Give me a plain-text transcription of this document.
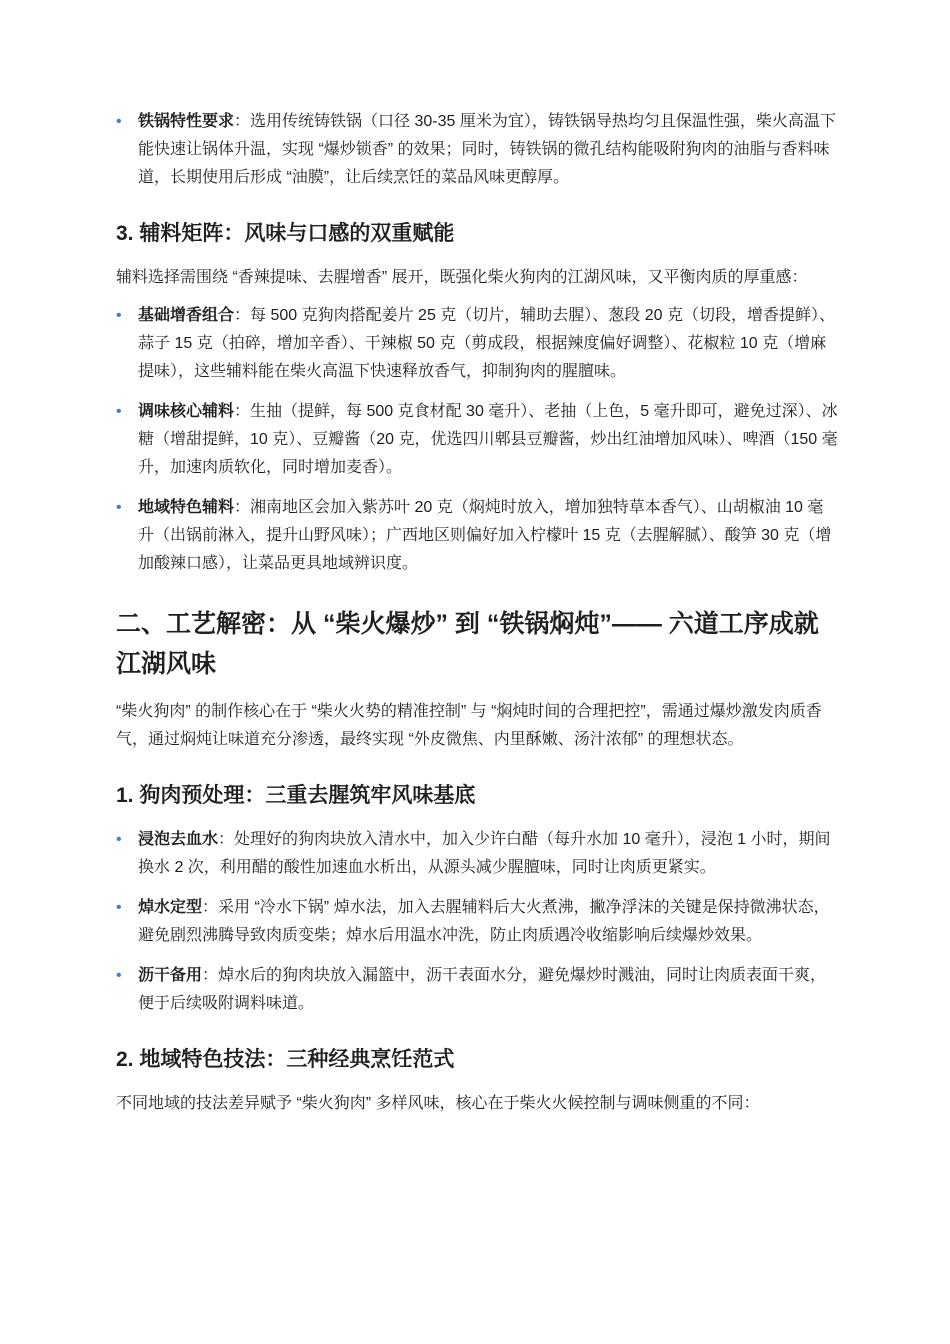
• 铁锅特性要求：选用传统铸铁锅（口径 30-35 厘米为宜），铸铁锅导热均匀且保温性强，柴火高温下能快速让锅体升温，实现 “爆炒锁香” 的效果；同时，铸铁锅的微孔结构能吸附狗肉的油脂与香料味道，长期使用后形成 “油膜”，让后续烹饪的菜品风味更醇厚。
3. 辅料矩阵：风味与口感的双重赋能

辅料选择需围绕 “香辣提味、去腥增香” 展开，既强化柴火狗肉的江湖风味，又平衡肉质的厚重感：

• 基础增香组合：每 500 克狗肉搭配姜片 25 克（切片，辅助去腥）、葱段 20 克（切段，增香提鲜）、蒜子 15 克（拍碎，增加辛香）、干辣椒 50 克（剪成段，根据辣度偏好调整）、花椒粒 10 克（增麻提味），这些辅料能在柴火高温下快速释放香气，抑制狗肉的腥膻味。
• 调味核心辅料：生抽（提鲜，每 500 克食材配 30 毫升）、老抽（上色，5 毫升即可，避免过深）、冰糖（增甜提鲜，10 克）、豆瓣酱（20 克，优选四川郫县豆瓣酱，炒出红油增加风味）、啤酒（150 毫升，加速肉质软化，同时增加麦香）。
• 地域特色辅料：湘南地区会加入紫苏叶 20 克（焖炖时放入，增加独特草本香气）、山胡椒油 10 毫升（出锅前淋入，提升山野风味）；广西地区则偏好加入柠檬叶 15 克（去腥解腻）、酸笋 30 克（增加酸辣口感），让菜品更具地域辨识度。
二、工艺解密：从 “柴火爆炒” 到 “铁锅焖炖”—— 六道工序成就江湖风味

“柴火狗肉” 的制作核心在于 “柴火火势的精准控制” 与 “焖炖时间的合理把控”，需通过爆炒激发肉质香气，通过焖炖让味道充分渗透，最终实现 “外皮微焦、内里酥嫩、汤汁浓郁” 的理想状态。

1. 狗肉预处理：三重去腥筑牢风味基底
• 浸泡去血水：处理好的狗肉块放入清水中，加入少许白醋（每升水加 10 毫升），浸泡 1 小时，期间换水 2 次，利用醋的酸性加速血水析出，从源头减少腥膻味，同时让肉质更紧实。
• 焯水定型：采用 “冷水下锅” 焯水法，加入去腥辅料后大火煮沸，撇净浮沫的关键是保持微沸状态，避免剧烈沸腾导致肉质变柴；焯水后用温水冲洗，防止肉质遇冷收缩影响后续爆炒效果。
• 沥干备用：焯水后的狗肉块放入漏篮中，沥干表面水分，避免爆炒时溅油，同时让肉质表面干爽，便于后续吸附调料味道。
2. 地域特色技法：三种经典烹饪范式

不同地域的技法差异赋予 “柴火狗肉” 多样风味，核心在于柴火火候控制与调味侧重的不同：
